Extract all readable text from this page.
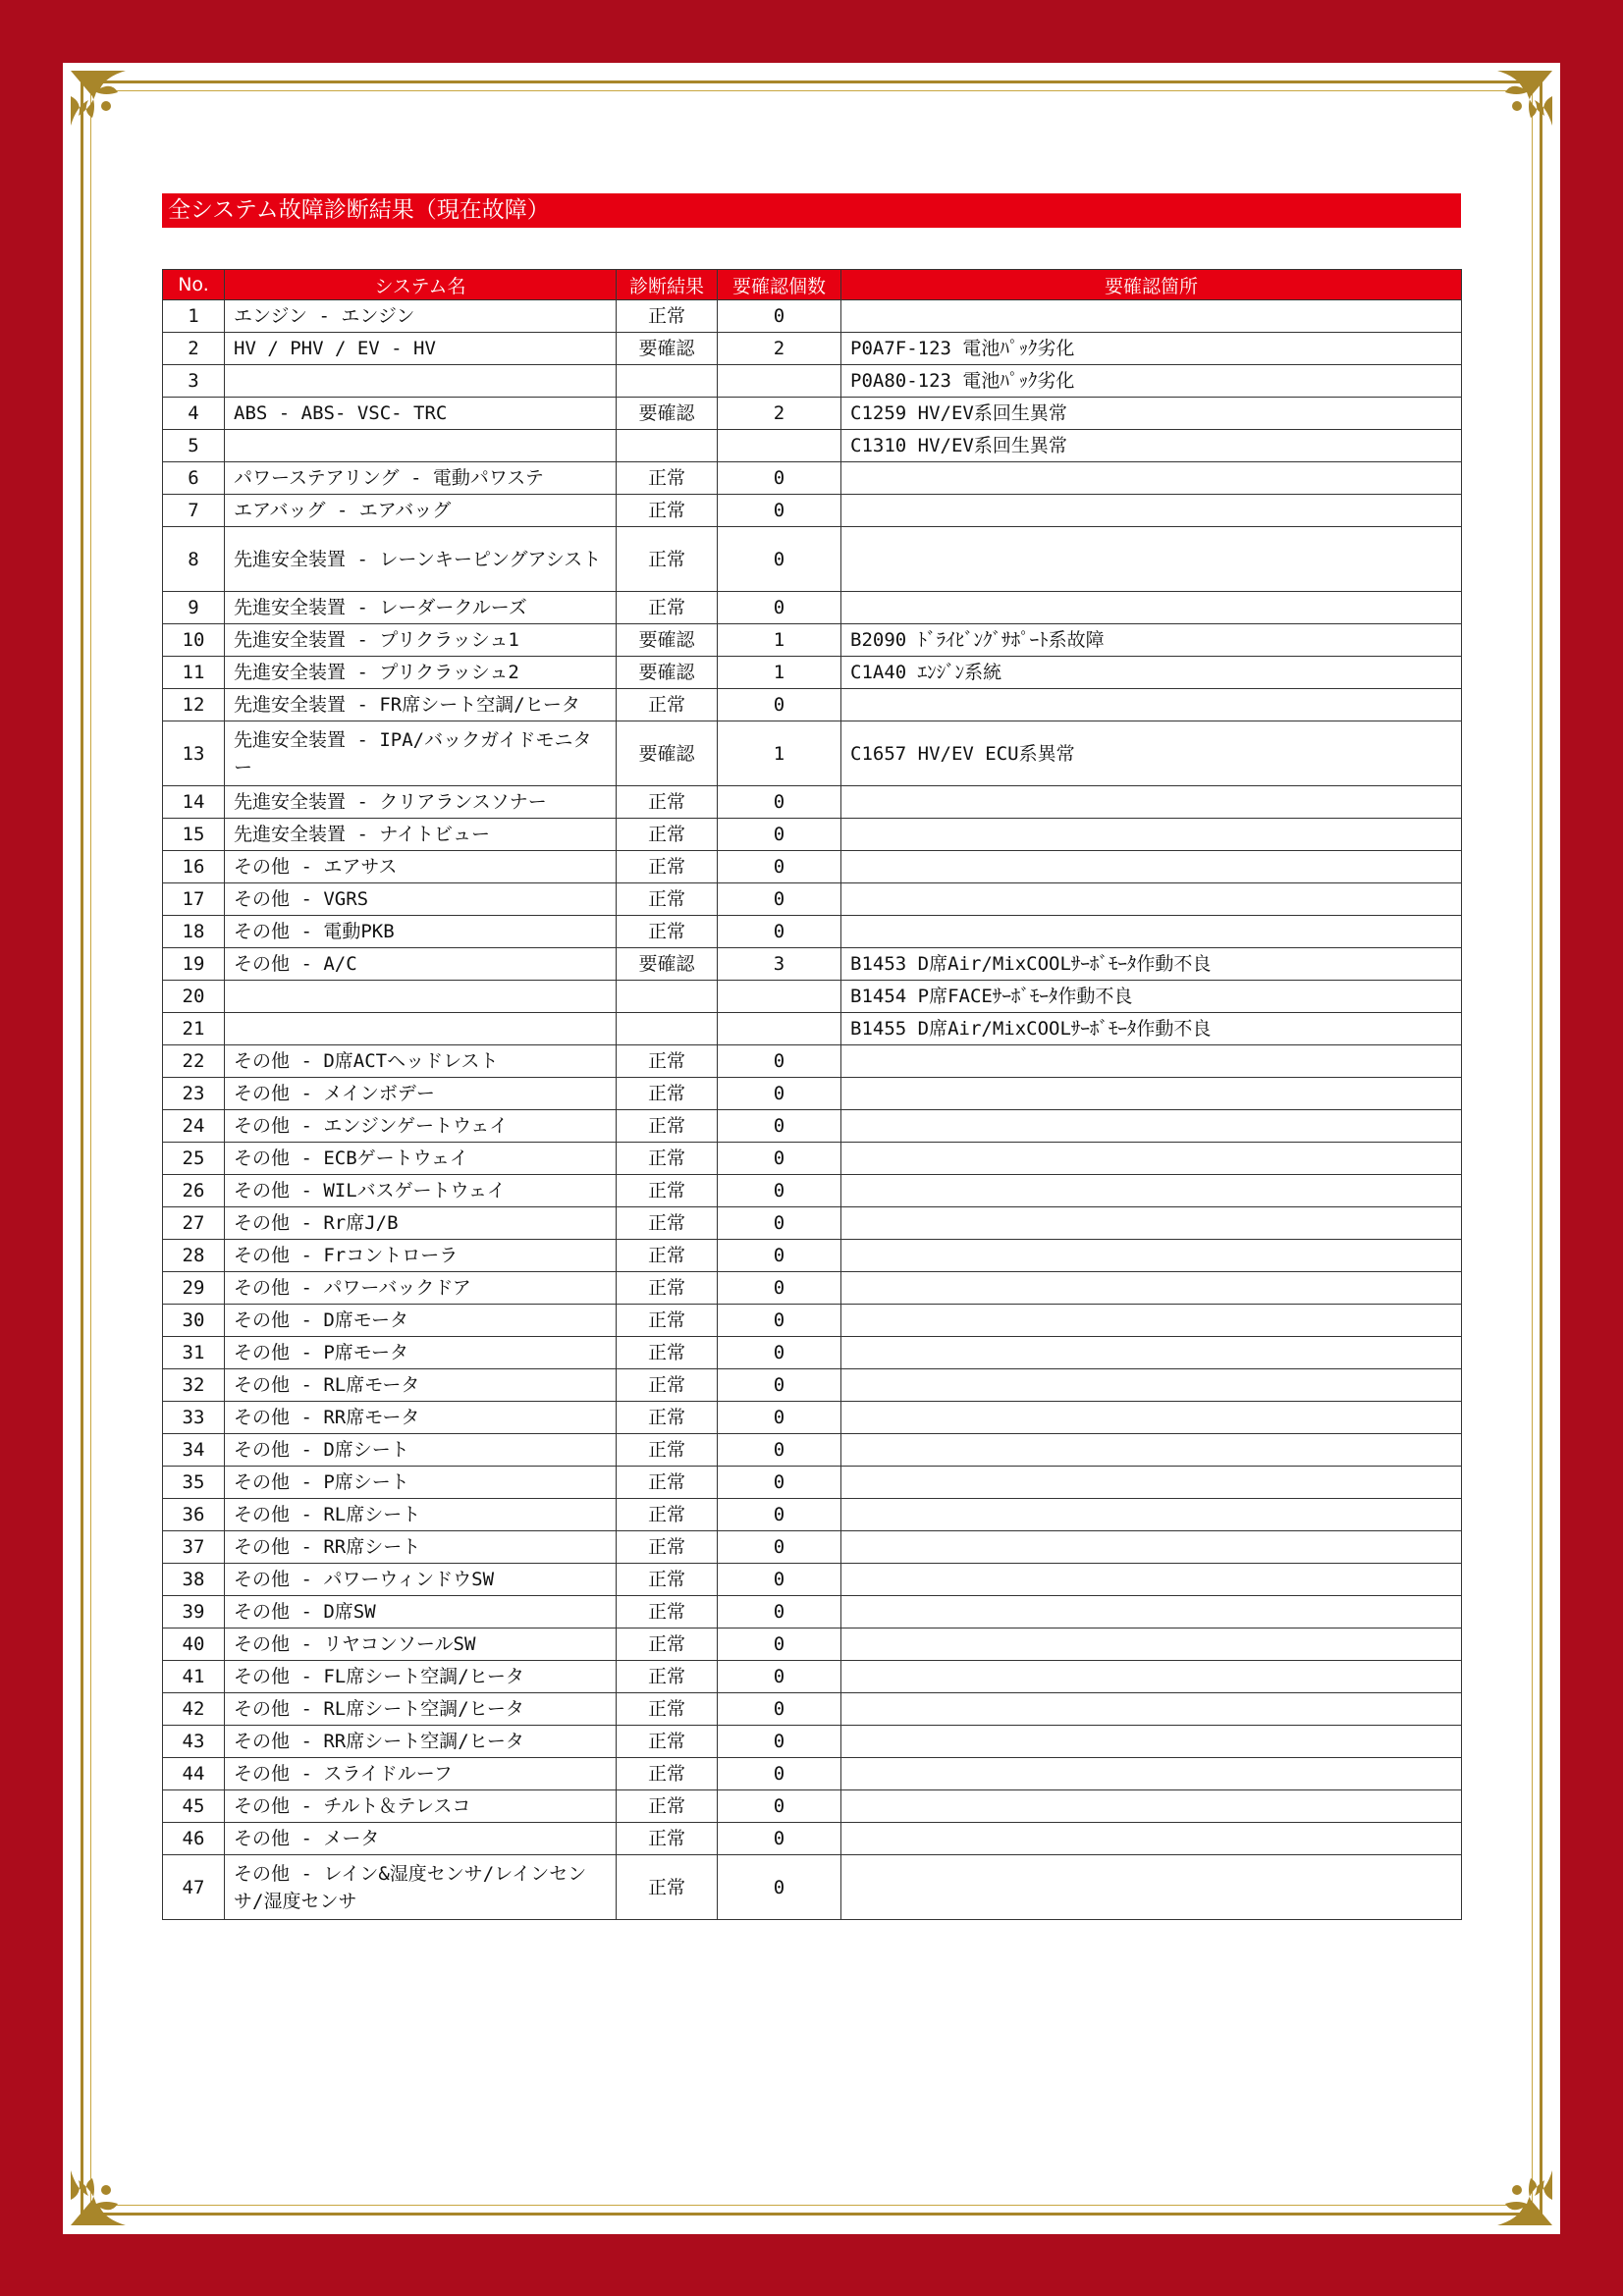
全システム故障診断結果（現在故障）
No.	システム名	診断結果	要確認個数	要確認箇所
1	エンジン - エンジン	正常	0	
2	HV / PHV / EV - HV	要確認	2	P0A7F-123 電池ﾊﾟｯｸ劣化
3				P0A80-123 電池ﾊﾟｯｸ劣化
4	ABS - ABS- VSC- TRC	要確認	2	C1259 HV/EV系回生異常
5				C1310 HV/EV系回生異常
6	パワーステアリング - 電動パワステ	正常	0	
7	エアバッグ - エアバッグ	正常	0	
8	先進安全装置 - レーンキーピングアシスト	正常	0	
9	先進安全装置 - レーダークルーズ	正常	0	
10	先進安全装置 - プリクラッシュ1	要確認	1	B2090 ﾄﾞﾗｲﾋﾞﾝｸﾞｻﾎﾟｰﾄ系故障
11	先進安全装置 - プリクラッシュ2	要確認	1	C1A40 ｴﾝｼﾞﾝ系統
12	先進安全装置 - FR席シート空調/ヒータ	正常	0	
13	先進安全装置 - IPA/バックガイドモニター	要確認	1	C1657 HV/EV ECU系異常
14	先進安全装置 - クリアランスソナー	正常	0	
15	先進安全装置 - ナイトビュー	正常	0	
16	その他 - エアサス	正常	0	
17	その他 - VGRS	正常	0	
18	その他 - 電動PKB	正常	0	
19	その他 - A/C	要確認	3	B1453 D席Air/MixCOOLｻｰﾎﾞﾓｰﾀ作動不良
20				B1454 P席FACEｻｰﾎﾞﾓｰﾀ作動不良
21				B1455 D席Air/MixCOOLｻｰﾎﾞﾓｰﾀ作動不良
22	その他 - D席ACTヘッドレスト	正常	0	
23	その他 - メインボデー	正常	0	
24	その他 - エンジンゲートウェイ	正常	0	
25	その他 - ECBゲートウェイ	正常	0	
26	その他 - WILバスゲートウェイ	正常	0	
27	その他 - Rr席J/B	正常	0	
28	その他 - Frコントローラ	正常	0	
29	その他 - パワーバックドア	正常	0	
30	その他 - D席モータ	正常	0	
31	その他 - P席モータ	正常	0	
32	その他 - RL席モータ	正常	0	
33	その他 - RR席モータ	正常	0	
34	その他 - D席シート	正常	0	
35	その他 - P席シート	正常	0	
36	その他 - RL席シート	正常	0	
37	その他 - RR席シート	正常	0	
38	その他 - パワーウィンドウSW	正常	0	
39	その他 - D席SW	正常	0	
40	その他 - リヤコンソールSW	正常	0	
41	その他 - FL席シート空調/ヒータ	正常	0	
42	その他 - RL席シート空調/ヒータ	正常	0	
43	その他 - RR席シート空調/ヒータ	正常	0	
44	その他 - スライドルーフ	正常	0	
45	その他 - チルト＆テレスコ	正常	0	
46	その他 - メータ	正常	0	
47	その他 - レイン&湿度センサ/レインセンサ/湿度センサ	正常	0	
